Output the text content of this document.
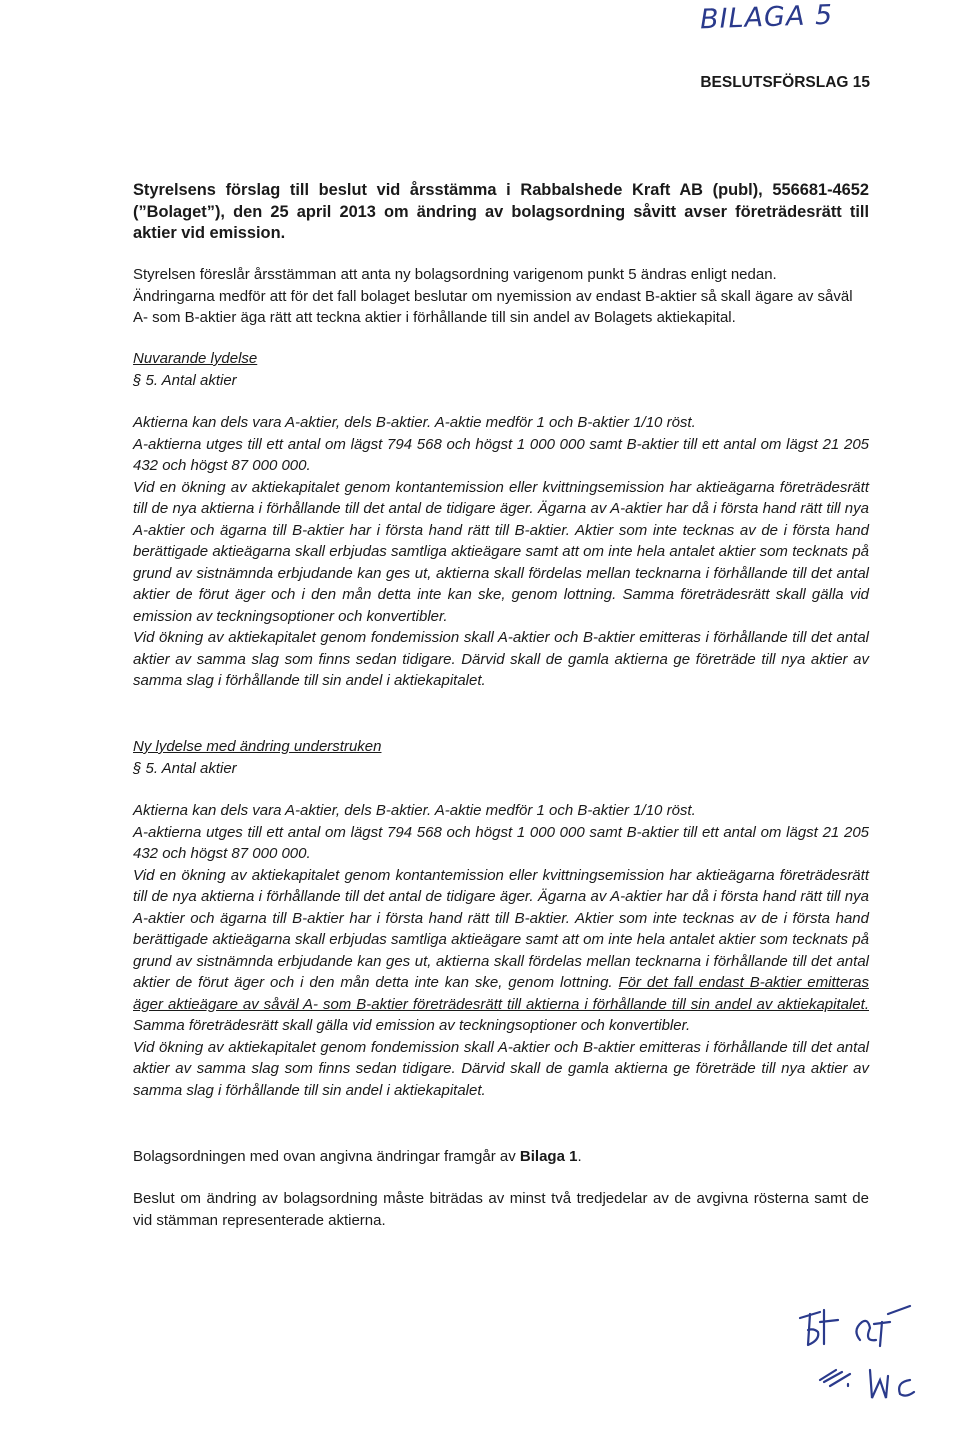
BILAGA 5
BESLUTSFÖRSLAG 15
Styrelsens förslag till beslut vid årsstämma i Rabbalshede Kraft AB (publ), 556681-4652 (”Bolaget”), den 25 april 2013 om ändring av bolagsordning såvitt avser företrädesrätt till aktier vid emission.

Styrelsen föreslår årsstämman att anta ny bolagsordning varigenom punkt 5 ändras enligt nedan.

Ändringarna medför att för det fall bolaget beslutar om nyemission av endast B-aktier så skall ägare av såväl A- som B-aktier äga rätt att teckna aktier i förhållande till sin andel av Bolagets aktiekapital.

Nuvarande lydelse

§ 5. Antal aktier

Aktierna kan dels vara A-aktier, dels B-aktier. A-aktie medför 1 och B-aktier 1/10 röst.

A-aktierna utges till ett antal om lägst 794 568 och högst 1 000 000 samt B-aktier till ett antal om lägst 21 205 432 och högst 87 000 000.

Vid en ökning av aktiekapitalet genom kontantemission eller kvittningsemission har aktieägarna företrädesrätt till de nya aktierna i förhållande till det antal de tidigare äger. Ägarna av A-aktier har då i första hand rätt till nya A-aktier och ägarna till B-aktier har i första hand rätt till B-aktier. Aktier som inte tecknas av de i första hand berättigade aktieägarna skall erbjudas samtliga aktieägare samt att om inte hela antalet aktier som tecknats på grund av sistnämnda erbjudande kan ges ut, aktierna skall fördelas mellan tecknarna i förhållande till det antal aktier de förut äger och i den mån detta inte kan ske, genom lottning. Samma företrädesrätt skall gälla vid emission av teckningsoptioner och konvertibler.

Vid ökning av aktiekapitalet genom fondemission skall A-aktier och B-aktier emitteras i förhållande till det antal aktier av samma slag som finns sedan tidigare. Därvid skall de gamla aktierna ge företräde till nya aktier av samma slag i förhållande till sin andel i aktiekapitalet.

Ny lydelse med ändring understruken

§ 5. Antal aktier

Aktierna kan dels vara A-aktier, dels B-aktier. A-aktie medför 1 och B-aktier 1/10 röst.

A-aktierna utges till ett antal om lägst 794 568 och högst 1 000 000 samt B-aktier till ett antal om lägst 21 205 432 och högst 87 000 000.

Vid en ökning av aktiekapitalet genom kontantemission eller kvittningsemission har aktieägarna företrädesrätt till de nya aktierna i förhållande till det antal de tidigare äger. Ägarna av A-aktier har då i första hand rätt till nya A-aktier och ägarna till B-aktier har i första hand rätt till B-aktier. Aktier som inte tecknas av de i första hand berättigade aktieägarna skall erbjudas samtliga aktieägare samt att om inte hela antalet aktier som tecknats på grund av sistnämnda erbjudande kan ges ut, aktierna skall fördelas mellan tecknarna i förhållande till det antal aktier de förut äger och i den mån detta inte kan ske, genom lottning. För det fall endast B-aktier emitteras äger aktieägare av såväl A- som B-aktier företrädesrätt till aktierna i förhållande till sin andel av aktiekapitalet. Samma företrädesrätt skall gälla vid emission av teckningsoptioner och konvertibler.

Vid ökning av aktiekapitalet genom fondemission skall A-aktier och B-aktier emitteras i förhållande till det antal aktier av samma slag som finns sedan tidigare. Därvid skall de gamla aktierna ge företräde till nya aktier av samma slag i förhållande till sin andel i aktiekapitalet.

Bolagsordningen med ovan angivna ändringar framgår av Bilaga 1.

Beslut om ändring av bolagsordning måste biträdas av minst två tredjedelar av de avgivna rösterna samt de vid stämman representerade aktierna.
